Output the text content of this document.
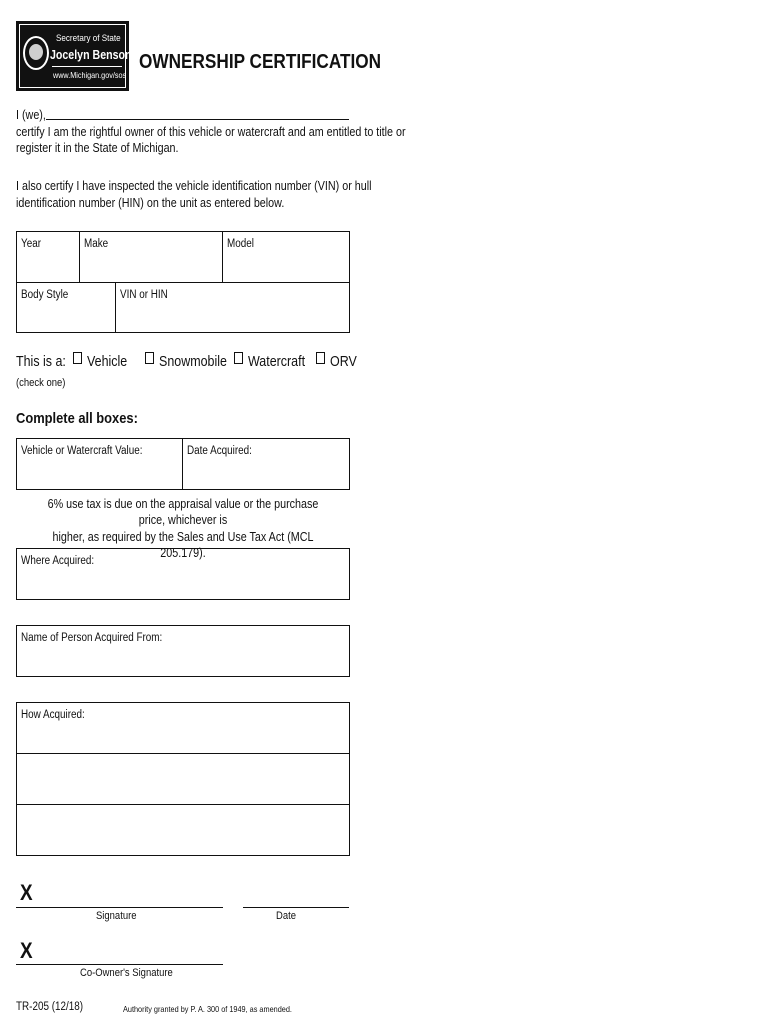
Secretary of State
Jocelyn Benson
www.Michigan.gov/sos
OWNERSHIP CERTIFICATION
I (we),
certify I am the rightful owner of this vehicle or watercraft and am entitled to title or
register it in the State of Michigan.
I also certify I have inspected the vehicle identification number (VIN) or hull
identification number (HIN) on the unit as entered below.
Year	Make	Model
Body Style	VIN or HIN
This is a:
(check one)
Vehicle Snowmobile Watercraft ORV
Complete all boxes:
Vehicle or Watercraft Value:	Date Acquired:
6% use tax is due on the appraisal value or the purchase price, whichever is
higher, as required by the Sales and Use Tax Act (MCL 205.179).
Where Acquired:
Name of Person Acquired From:
How Acquired:
X
Signature	Date
X
Co-Owner's Signature
TR-205 (12/18)	Authority granted by P. A. 300 of 1949, as amended.
